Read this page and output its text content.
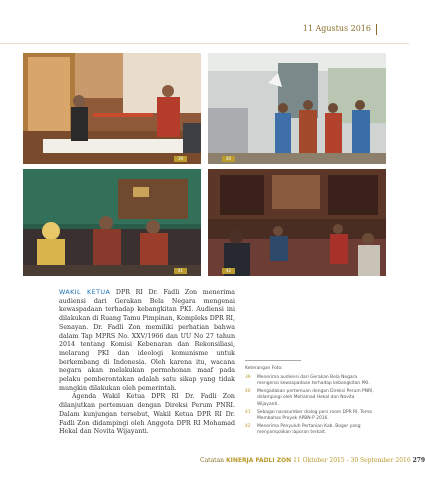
11 Agustus 2016
39	40
41	42

WAKIL KETUA DPR RI Dr. Fadli Zon menerima audiensi dari Gerakan Bela Negara mengenai kewaspadaan terhadap kebangkitan PKI. Audiensi ini dilakukan di Ruang Tamu Pimpinan, Kompleks DPR RI, Senayan. Dr. Fadli Zon memiliki perhatian bahwa dalam Tap MPRS No. XXV/1966 dan UU No 27 tahun 2014 tentang Komisi Kebenaran dan Rekonsiliasi, melarang PKI dan ideologi komunisme untuk berkembang di Indonesia. Oleh karena itu, wacana negara akan melakukan permohonan maaf pada pelaku pemberontakan adalah satu sikap yang tidak mungkin dilakukan oleh pemerintah.

Agenda Wakil Ketua DPR RI Dr. Fadli Zon dilanjutkan pertemuan dengan Direksi Perum PNRI. Dalam kunjungan tersebut, Wakil Ketua DPR RI Dr. Fadli Zon didampingi oleh Anggota DPR RI Mohamad Hekal dan Novita Wijayanti.

Keterangan Foto:
39	Menerima audiensi dari Gerakan Bela Negara mengenai kewaspadaan terhadap kebangkitan PKI.
40	Mengadakan pertemuan dengan Direksi Perum PNRI, didampingi oleh Mohamad Hekal dan Novita Wijayanti.
41	Sebagai narasumber dialog pers room DPR RI, Tema Membahas Proyek APBN-P 2016.
42	Menerima Penyuluh Pertanian Kab. Bogor yang menyampaikan laporan terkait.
Catatan KINERJA FADLI ZON 11 Oktober 2015 - 30 September 2016 279
